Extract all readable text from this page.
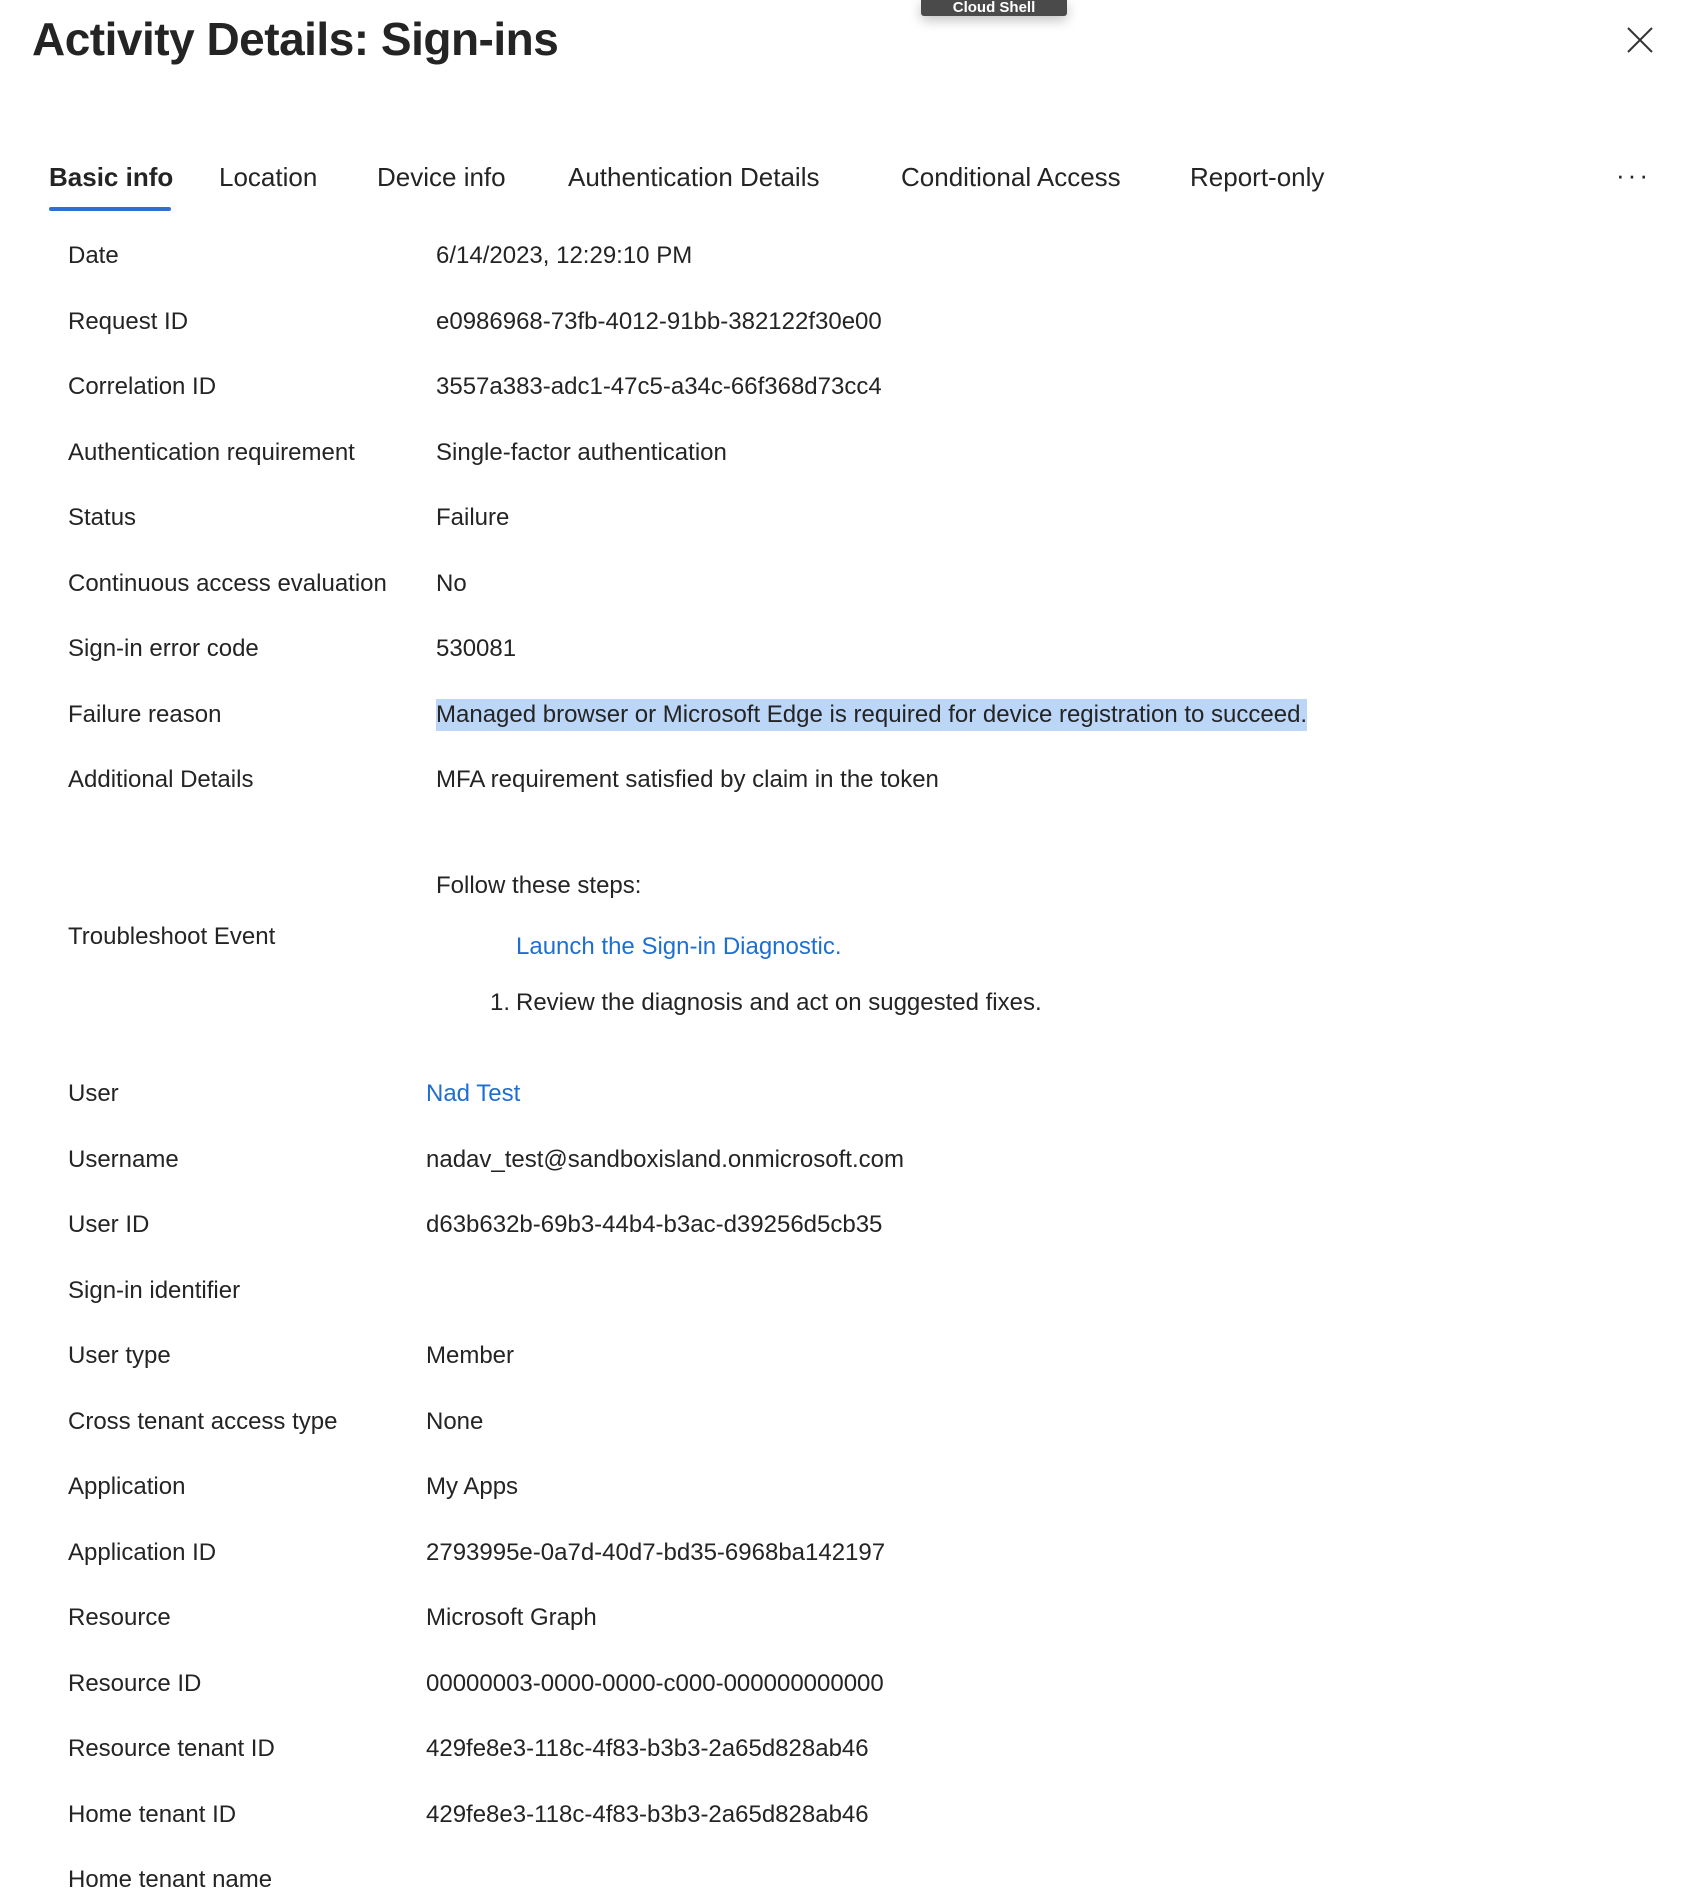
Cloud Shell
Activity Details: Sign-ins
Basic info Location Device info Authentication Details	Conditional Access	Report-only	···
Date	6/14/2023, 12:29:10 PM
Request ID	e0986968-73fb-4012-91bb-382122f30e00
Correlation ID	3557a383-adc1-47c5-a34c-66f368d73cc4
Authentication requirement	Single-factor authentication
Status	Failure
Continuous access evaluation No
Sign-in error code	530081
Failure reason	Managed browser or Microsoft Edge is required for device registration to succeed.
Additional Details	MFA requirement satisfied by claim in the token
User	Nad Test
Username	nadav_test@sandboxisland.onmicrosoft.com
User ID	d63b632b-69b3-44b4-b3ac-d39256d5cb35
Sign-in identifier
User type	Member
Cross tenant access type	None
Application	My Apps
Application ID	2793995e-0a7d-40d7-bd35-6968ba142197
Resource	Microsoft Graph
Resource ID	00000003-0000-0000-c000-000000000000
Resource tenant ID	429fe8e3-118c-4f83-b3b3-2a65d828ab46
Home tenant ID	429fe8e3-118c-4f83-b3b3-2a65d828ab46
Home tenant name
Troubleshoot Event
Follow these steps:
Launch the Sign-in Diagnostic.
1. Review the diagnosis and act on suggested fixes.
